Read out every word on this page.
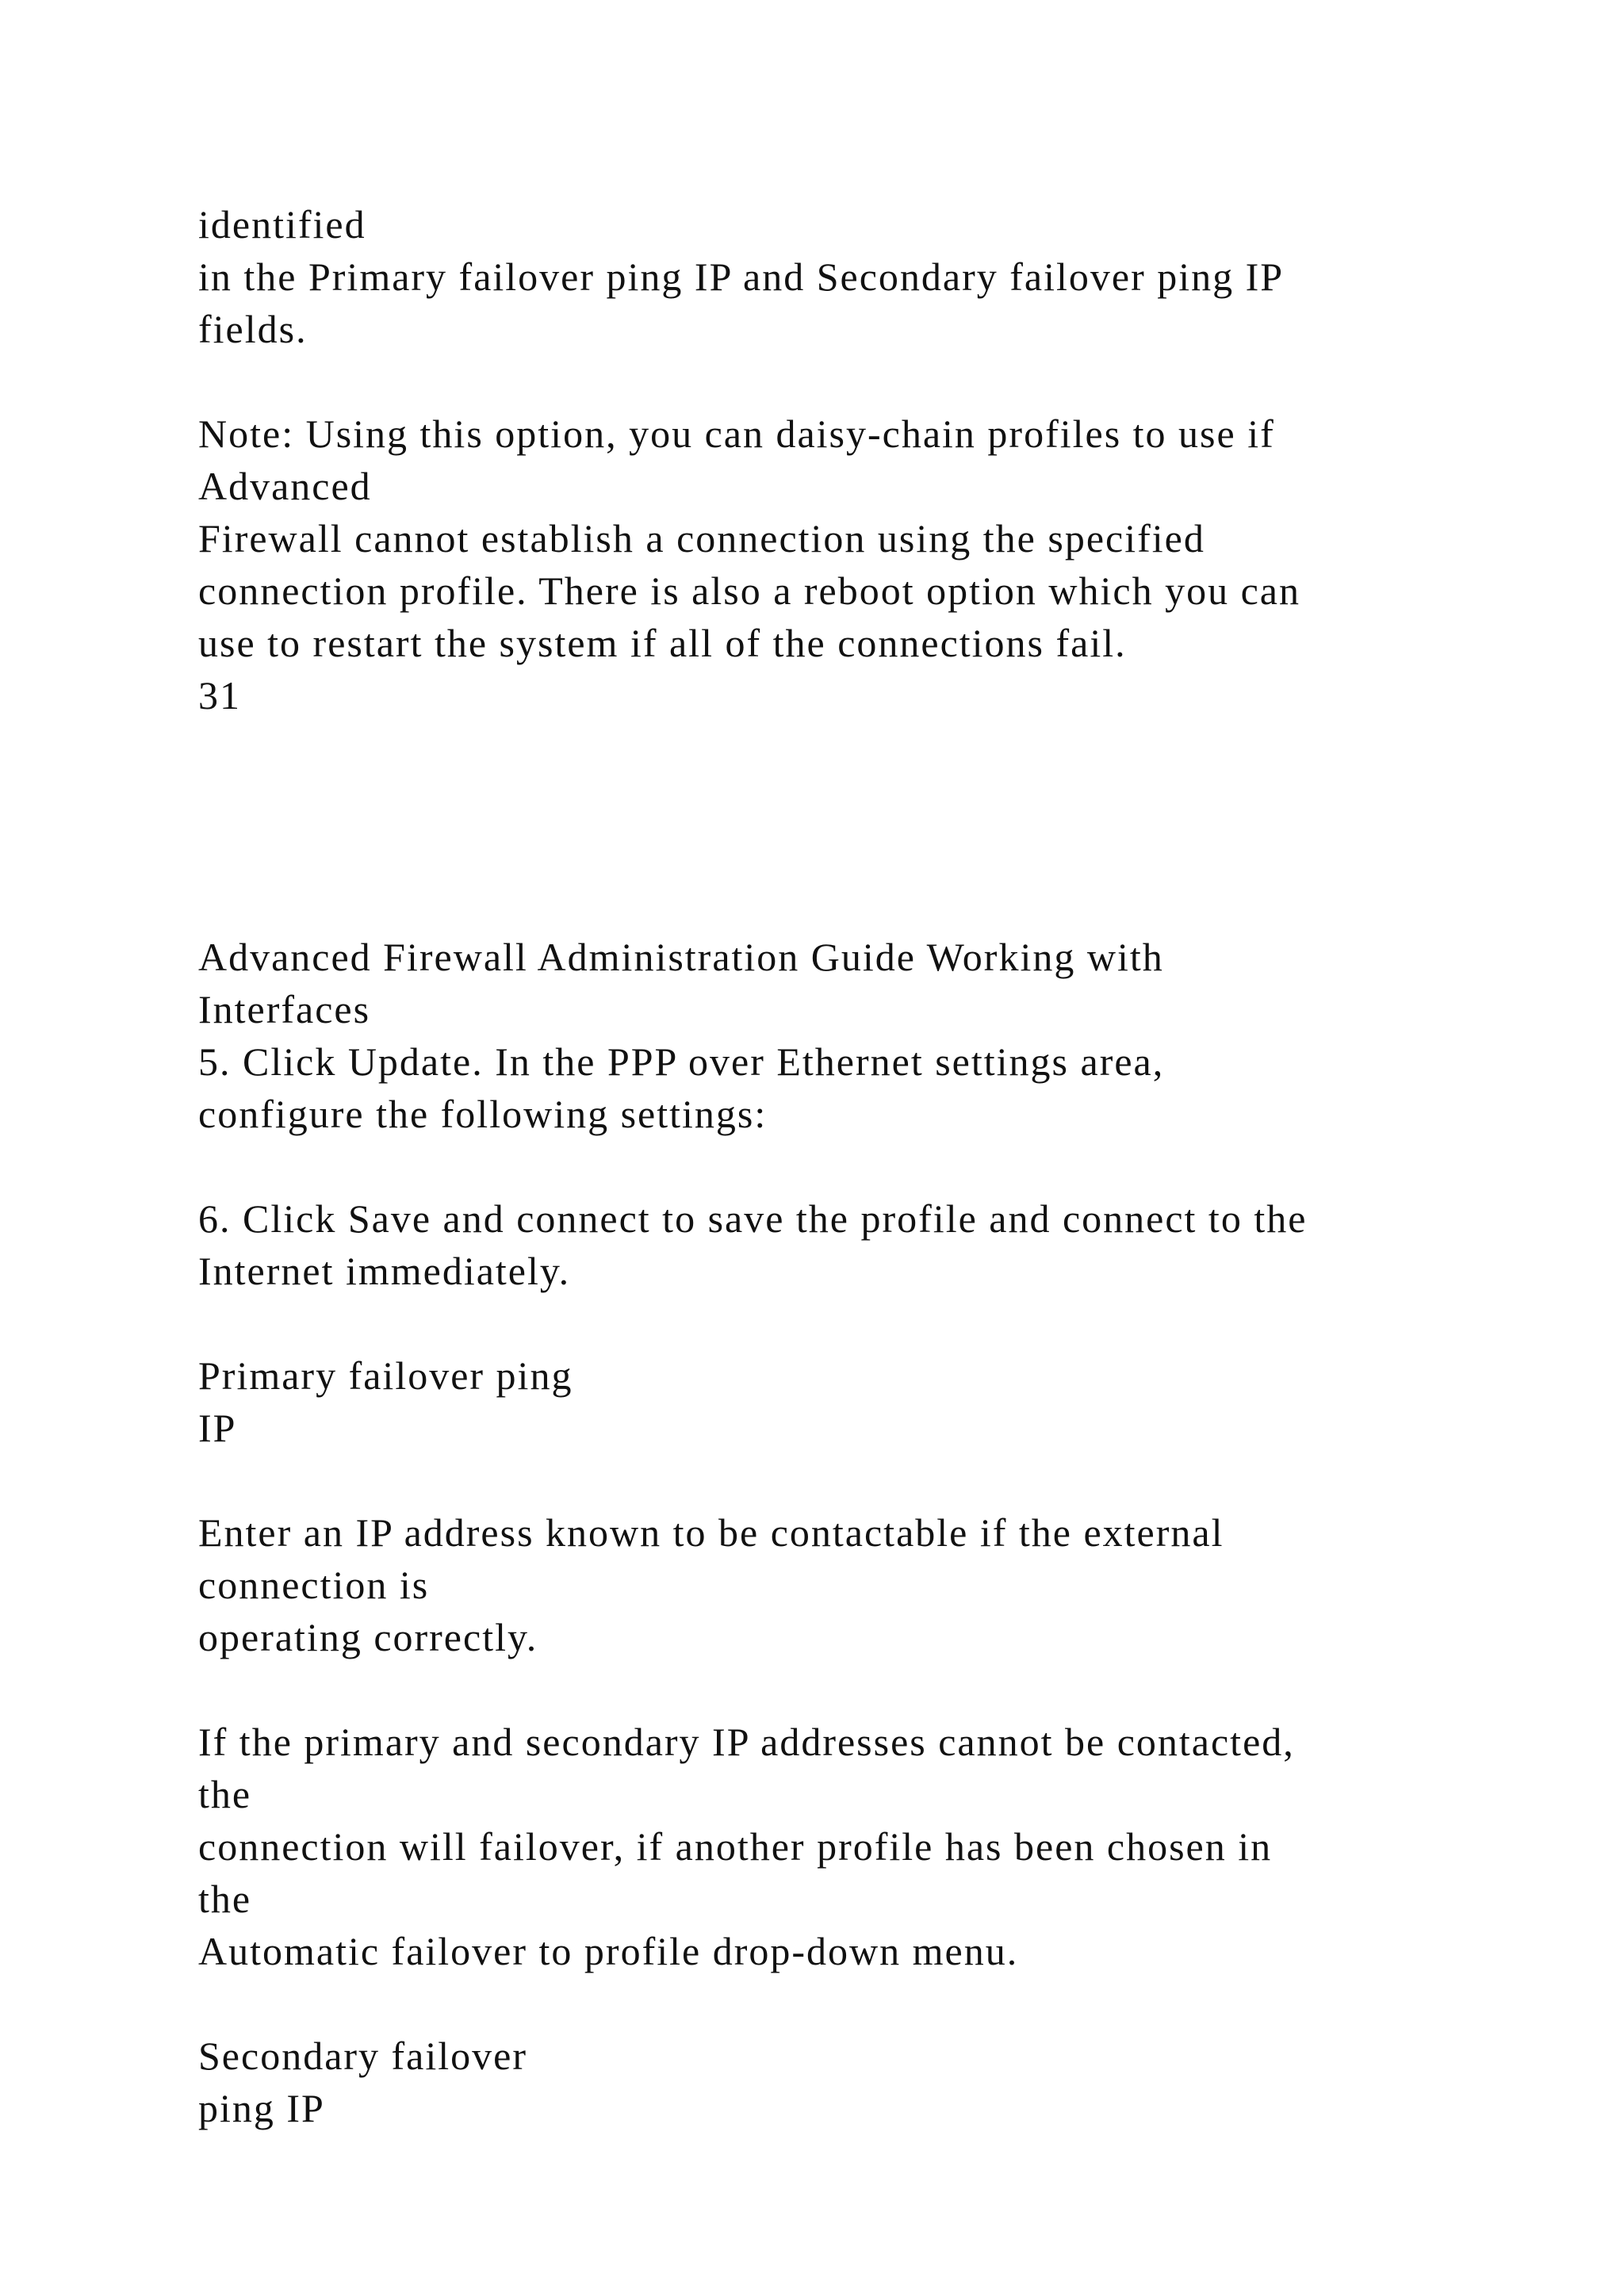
identified
in the Primary failover ping IP and Secondary failover ping IP
fields.
Note: Using this option, you can daisy-chain profiles to use if
Advanced
Firewall cannot establish a connection using the specified
connection profile. There is also a reboot option which you can
use to restart the system if all of the connections fail.
31
Advanced Firewall Administration Guide Working with
Interfaces
5. Click Update. In the PPP over Ethernet settings area,
configure the following settings:
6. Click Save and connect to save the profile and connect to the
Internet immediately.
Primary failover ping
IP
Enter an IP address known to be contactable if the external
connection is
operating correctly.
If the primary and secondary IP addresses cannot be contacted,
the
connection will failover, if another profile has been chosen in
the
Automatic failover to profile drop-down menu.
Secondary failover
ping IP
